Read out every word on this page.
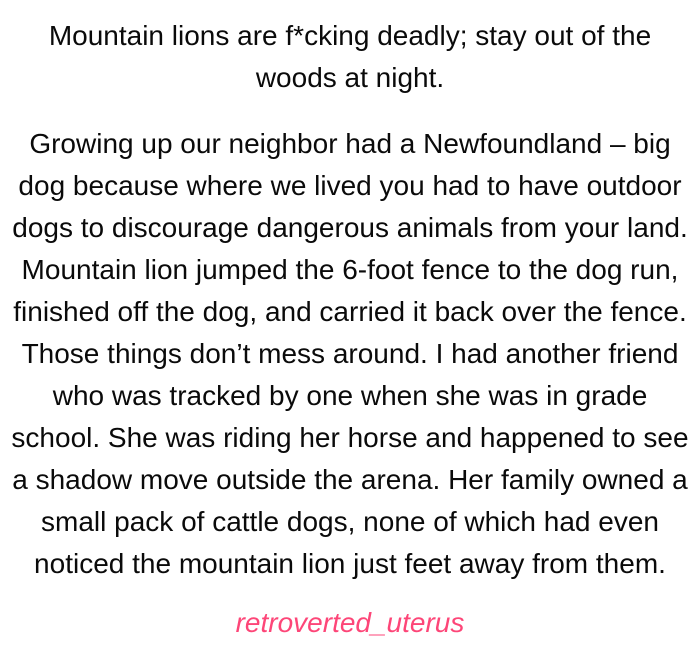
Mountain lions are f*cking deadly; stay out of the
woods at night.
Growing up our neighbor had a Newfoundland – big
dog because where we lived you had to have outdoor
dogs to discourage dangerous animals from your land.
Mountain lion jumped the 6-foot fence to the dog run,
finished off the dog, and carried it back over the fence.
Those things don’t mess around. I had another friend
who was tracked by one when she was in grade
school. She was riding her horse and happened to see
a shadow move outside the arena. Her family owned a
small pack of cattle dogs, none of which had even
noticed the mountain lion just feet away from them.
retroverted_uterus
